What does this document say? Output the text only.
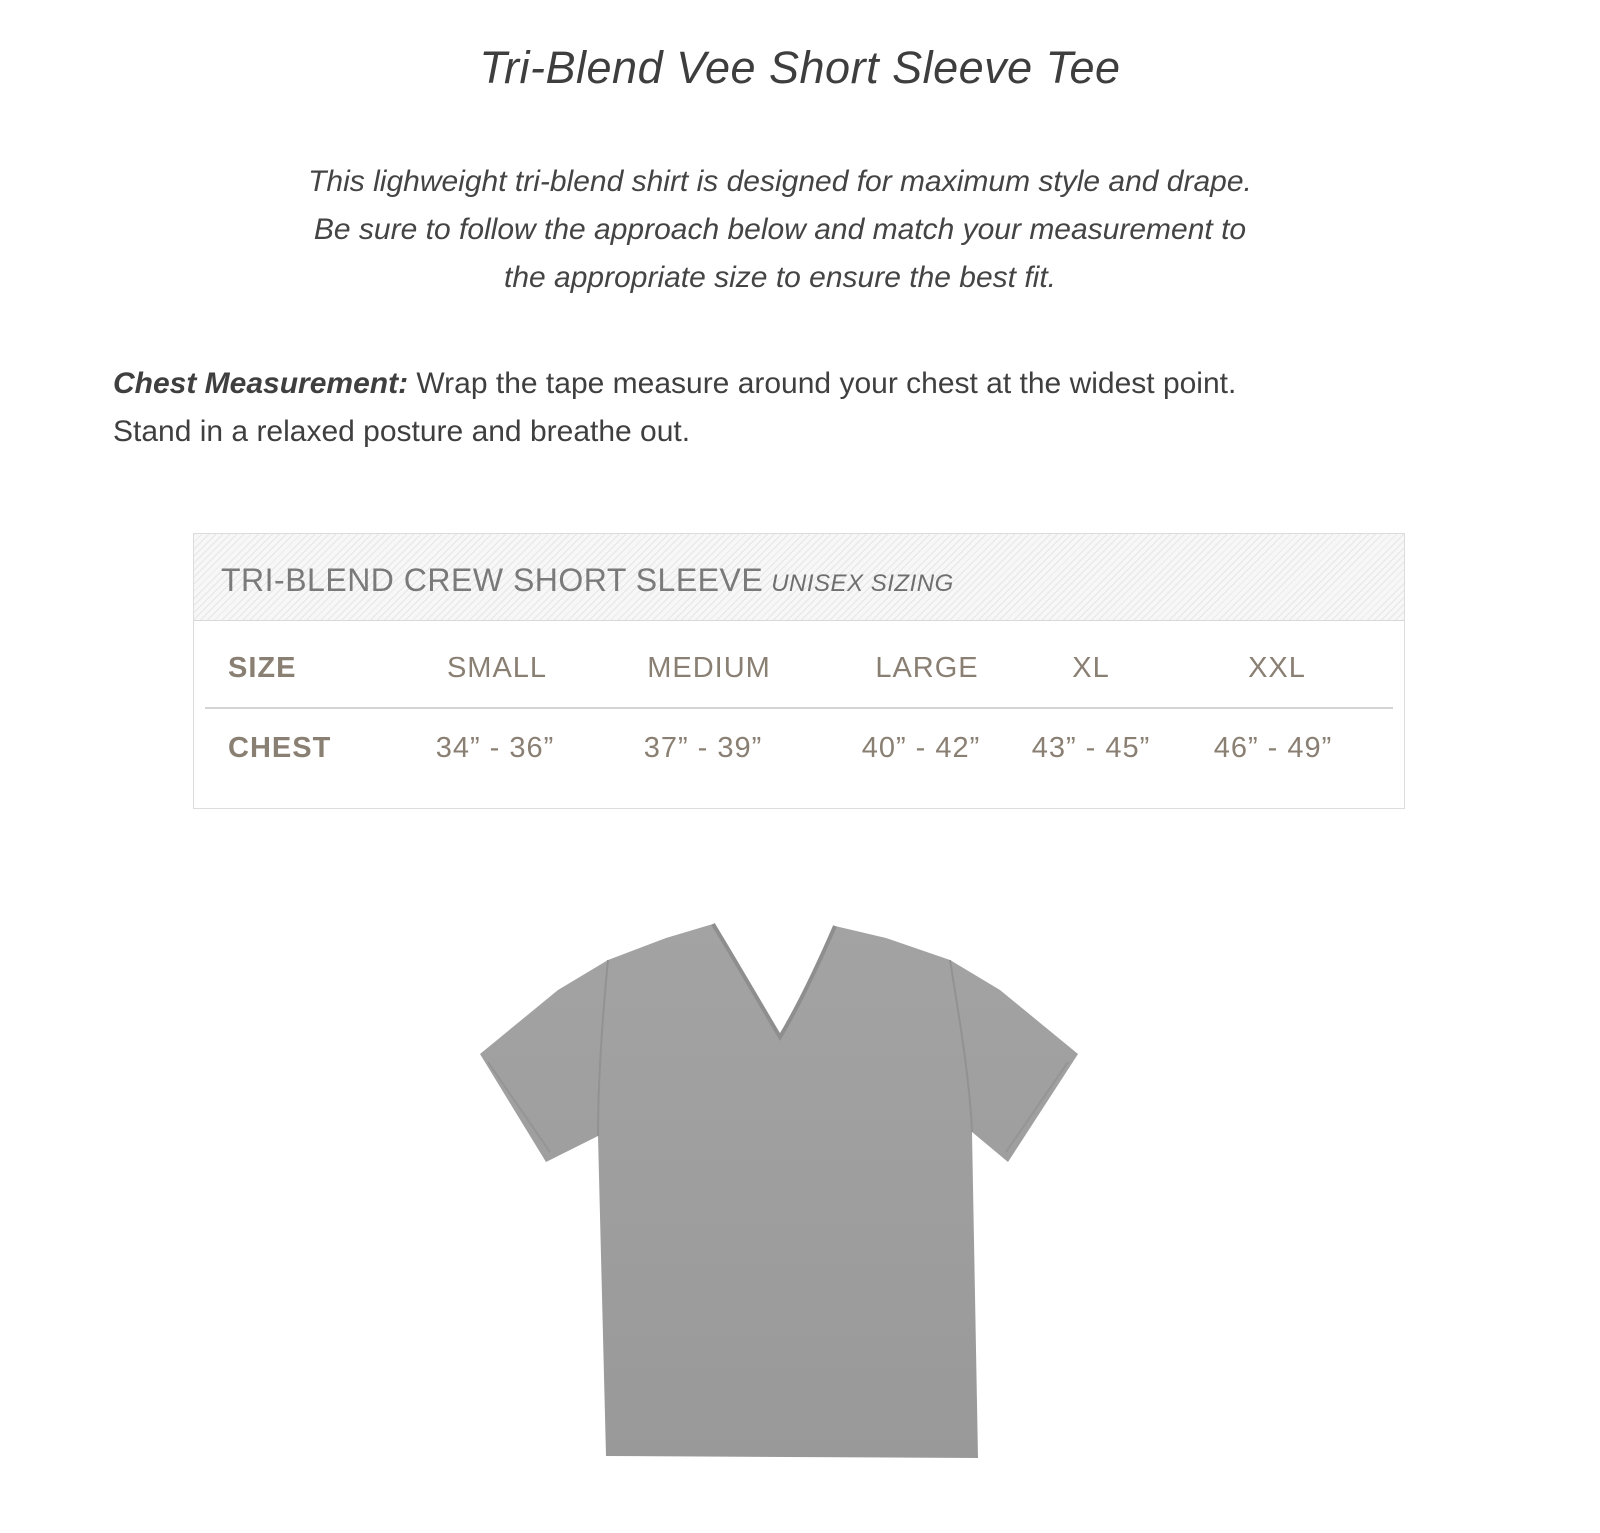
Tri-Blend Vee Short Sleeve Tee
This lighweight tri-blend shirt is designed for maximum style and drape.
Be sure to follow the approach below and match your measurement to
the appropriate size to ensure the best fit.
Chest Measurement: Wrap the tape measure around your chest at the widest point.
Stand in a relaxed posture and breathe out.
TRI-BLEND CREW SHORT SLEEVE UNISEX SIZING
SIZE	SMALL	MEDIUM	LARGE	XL	XXL
CHEST	34” - 36”	37” - 39”	40” - 42”	43” - 45”	46” - 49”
